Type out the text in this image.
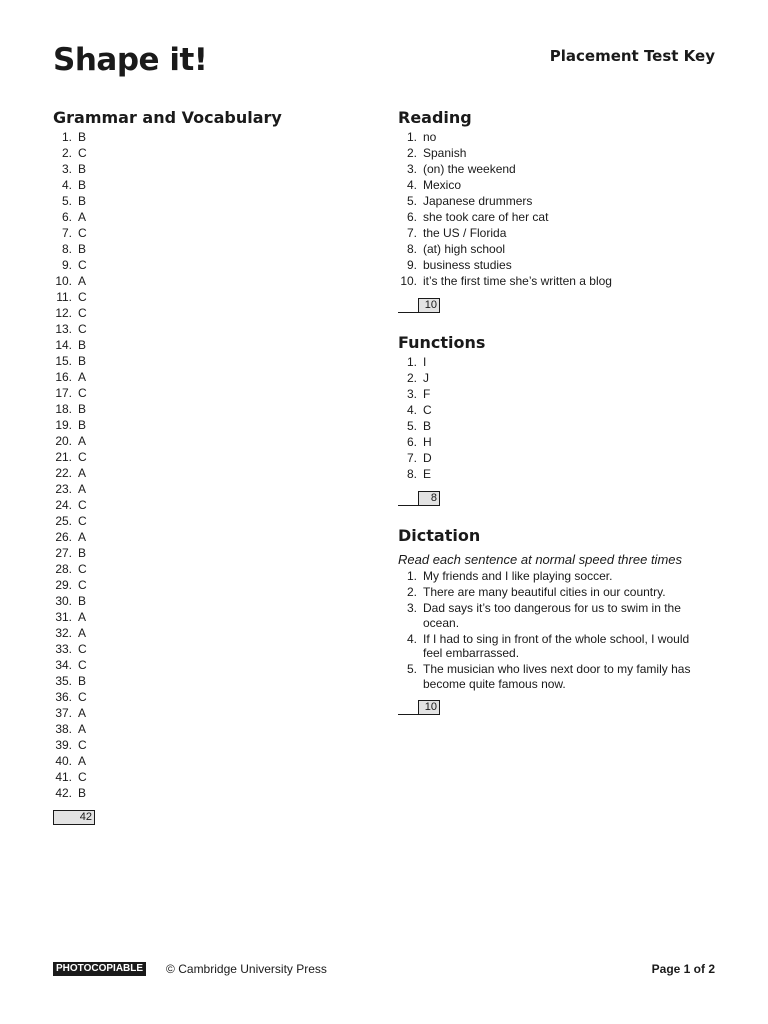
Shape it!	Placement Test Key
Grammar and Vocabulary
1. B
2. C
3. B
4. B
5. B
6. A
7. C
8. B
9. C
10. A
11. C
12. C
13. C
14. B
15. B
16. A
17. C
18. B
19. B
20. A
21. C
22. A
23. A
24. C
25. C
26. A
27. B
28. C
29. C
30. B
31. A
32. A
33. C
34. C
35. B
36. C
37. A
38. A
39. C
40. A
41. C
42. B
42
Reading
1. no
2. Spanish
3. (on) the weekend
4. Mexico
5. Japanese drummers
6. she took care of her cat
7. the US / Florida
8. (at) high school
9. business studies
10. it’s the first time she’s written a blog
10
Functions
1. I
2. J
3. F
4. C
5. B
6. H
7. D
8. E
8
Dictation
Read each sentence at normal speed three times
1. My friends and I like playing soccer.
2. There are many beautiful cities in our country.
3. Dad says it’s too dangerous for us to swim in the ocean.
4. If I had to sing in front of the whole school, I would feel embarrassed.
5. The musician who lives next door to my family has become quite famous now.
10
PHOTOCOPIABLE © Cambridge University Press	Page 1 of 2
